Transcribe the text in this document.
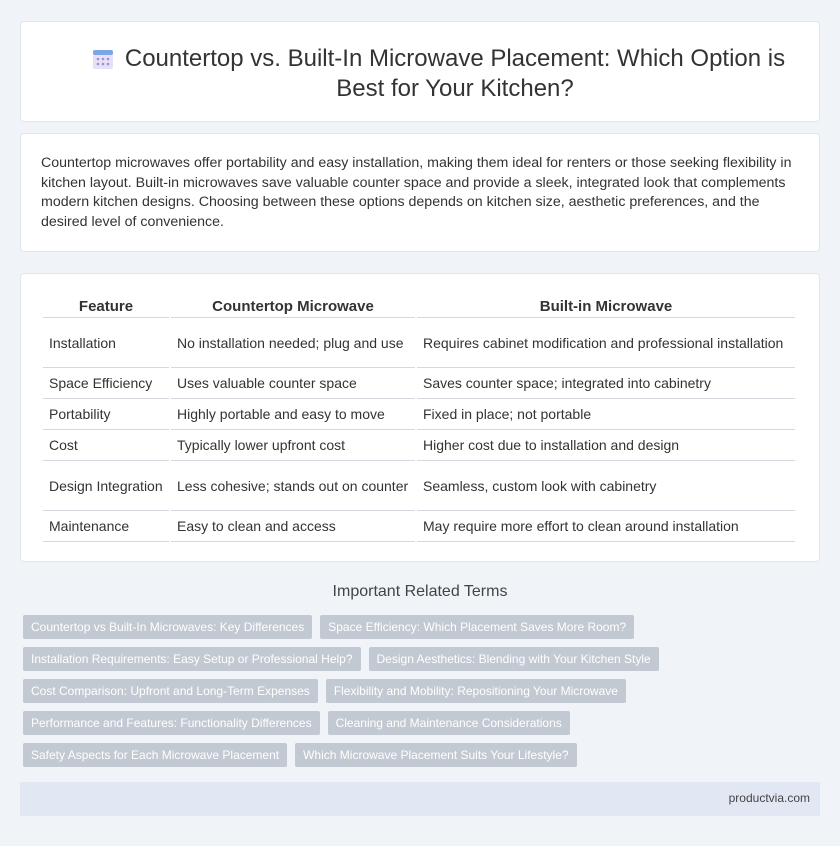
Countertop vs. Built-In Microwave Placement: Which Option is Best for Your Kitchen?

Countertop microwaves offer portability and easy installation, making them ideal for renters or those seeking flexibility in kitchen layout. Built-in microwaves save valuable counter space and provide a sleek, integrated look that complements modern kitchen designs. Choosing between these options depends on kitchen size, aesthetic preferences, and the desired level of convenience.

Feature	Countertop Microwave	Built-in Microwave
Installation	No installation needed; plug and use	Requires cabinet modification and professional installation
Space Efficiency	Uses valuable counter space	Saves counter space; integrated into cabinetry
Portability	Highly portable and easy to move	Fixed in place; not portable
Cost	Typically lower upfront cost	Higher cost due to installation and design
Design Integration	Less cohesive; stands out on counter	Seamless, custom look with cabinetry
Maintenance	Easy to clean and access	May require more effort to clean around installation
Important Related Terms
Countertop vs Built-In Microwaves: Key Differences	Space Efficiency: Which Placement Saves More Room?
Installation Requirements: Easy Setup or Professional Help?	Design Aesthetics: Blending with Your Kitchen Style
Cost Comparison: Upfront and Long-Term Expenses	Flexibility and Mobility: Repositioning Your Microwave
Performance and Features: Functionality Differences	Cleaning and Maintenance Considerations
Safety Aspects for Each Microwave Placement	Which Microwave Placement Suits Your Lifestyle?
productvia.com
